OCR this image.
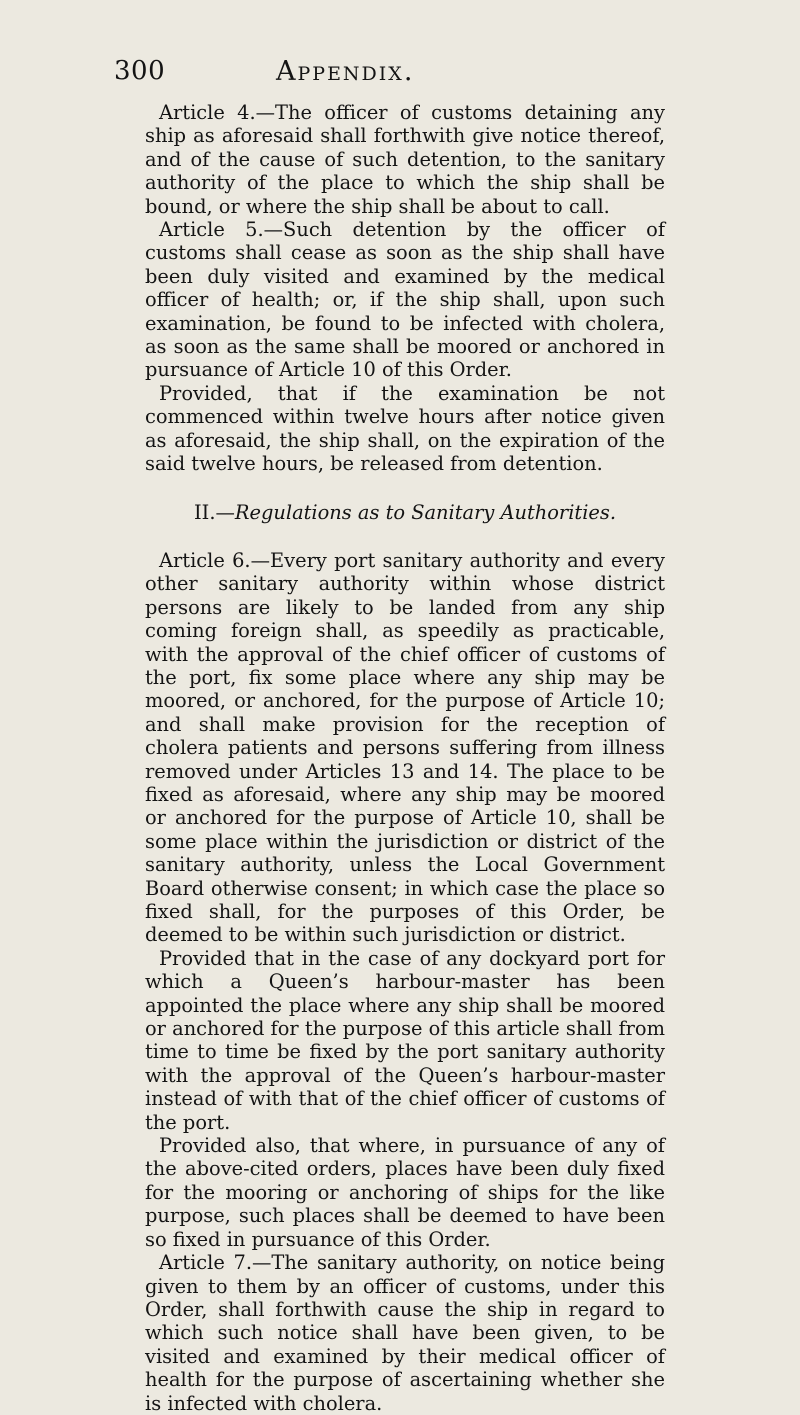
300	Appendix.

Article 4.—The officer of customs detaining any ship as aforesaid shall forthwith give notice thereof, and of the cause of such detention, to the sanitary authority of the place to which the ship shall be bound, or where the ship shall be about to call.

Article 5.—Such detention by the officer of customs shall cease as soon as the ship shall have been duly visited and examined by the medical officer of health; or, if the ship shall, upon such examination, be found to be infected with cholera, as soon as the same shall be moored or anchored in pursuance of Article 10 of this Order.

Provided, that if the examination be not commenced within twelve hours after notice given as aforesaid, the ship shall, on the expiration of the said twelve hours, be released from detention.

II.—Regulations as to Sanitary Authorities.

Article 6.—Every port sanitary authority and every other sanitary authority within whose district persons are likely to be landed from any ship coming foreign shall, as speedily as practicable, with the approval of the chief officer of customs of the port, fix some place where any ship may be moored, or anchored, for the purpose of Article 10; and shall make provision for the reception of cholera patients and persons suffering from illness removed under Articles 13 and 14. The place to be fixed as aforesaid, where any ship may be moored or anchored for the purpose of Article 10, shall be some place within the jurisdiction or district of the sanitary authority, unless the Local Government Board otherwise consent; in which case the place so fixed shall, for the purposes of this Order, be deemed to be within such jurisdiction or district.

Provided that in the case of any dockyard port for which a Queen’s harbour-master has been appointed the place where any ship shall be moored or anchored for the purpose of this article shall from time to time be fixed by the port sanitary authority with the approval of the Queen’s harbour-master instead of with that of the chief officer of customs of the port.

Provided also, that where, in pursuance of any of the above-cited orders, places have been duly fixed for the mooring or anchoring of ships for the like purpose, such places shall be deemed to have been so fixed in pursuance of this Order.

Article 7.—The sanitary authority, on notice being given to them by an officer of customs, under this Order, shall forthwith cause the ship in regard to which such notice shall have been given, to be visited and examined by their medical officer of health for the purpose of ascertaining whether she is infected with cholera.
